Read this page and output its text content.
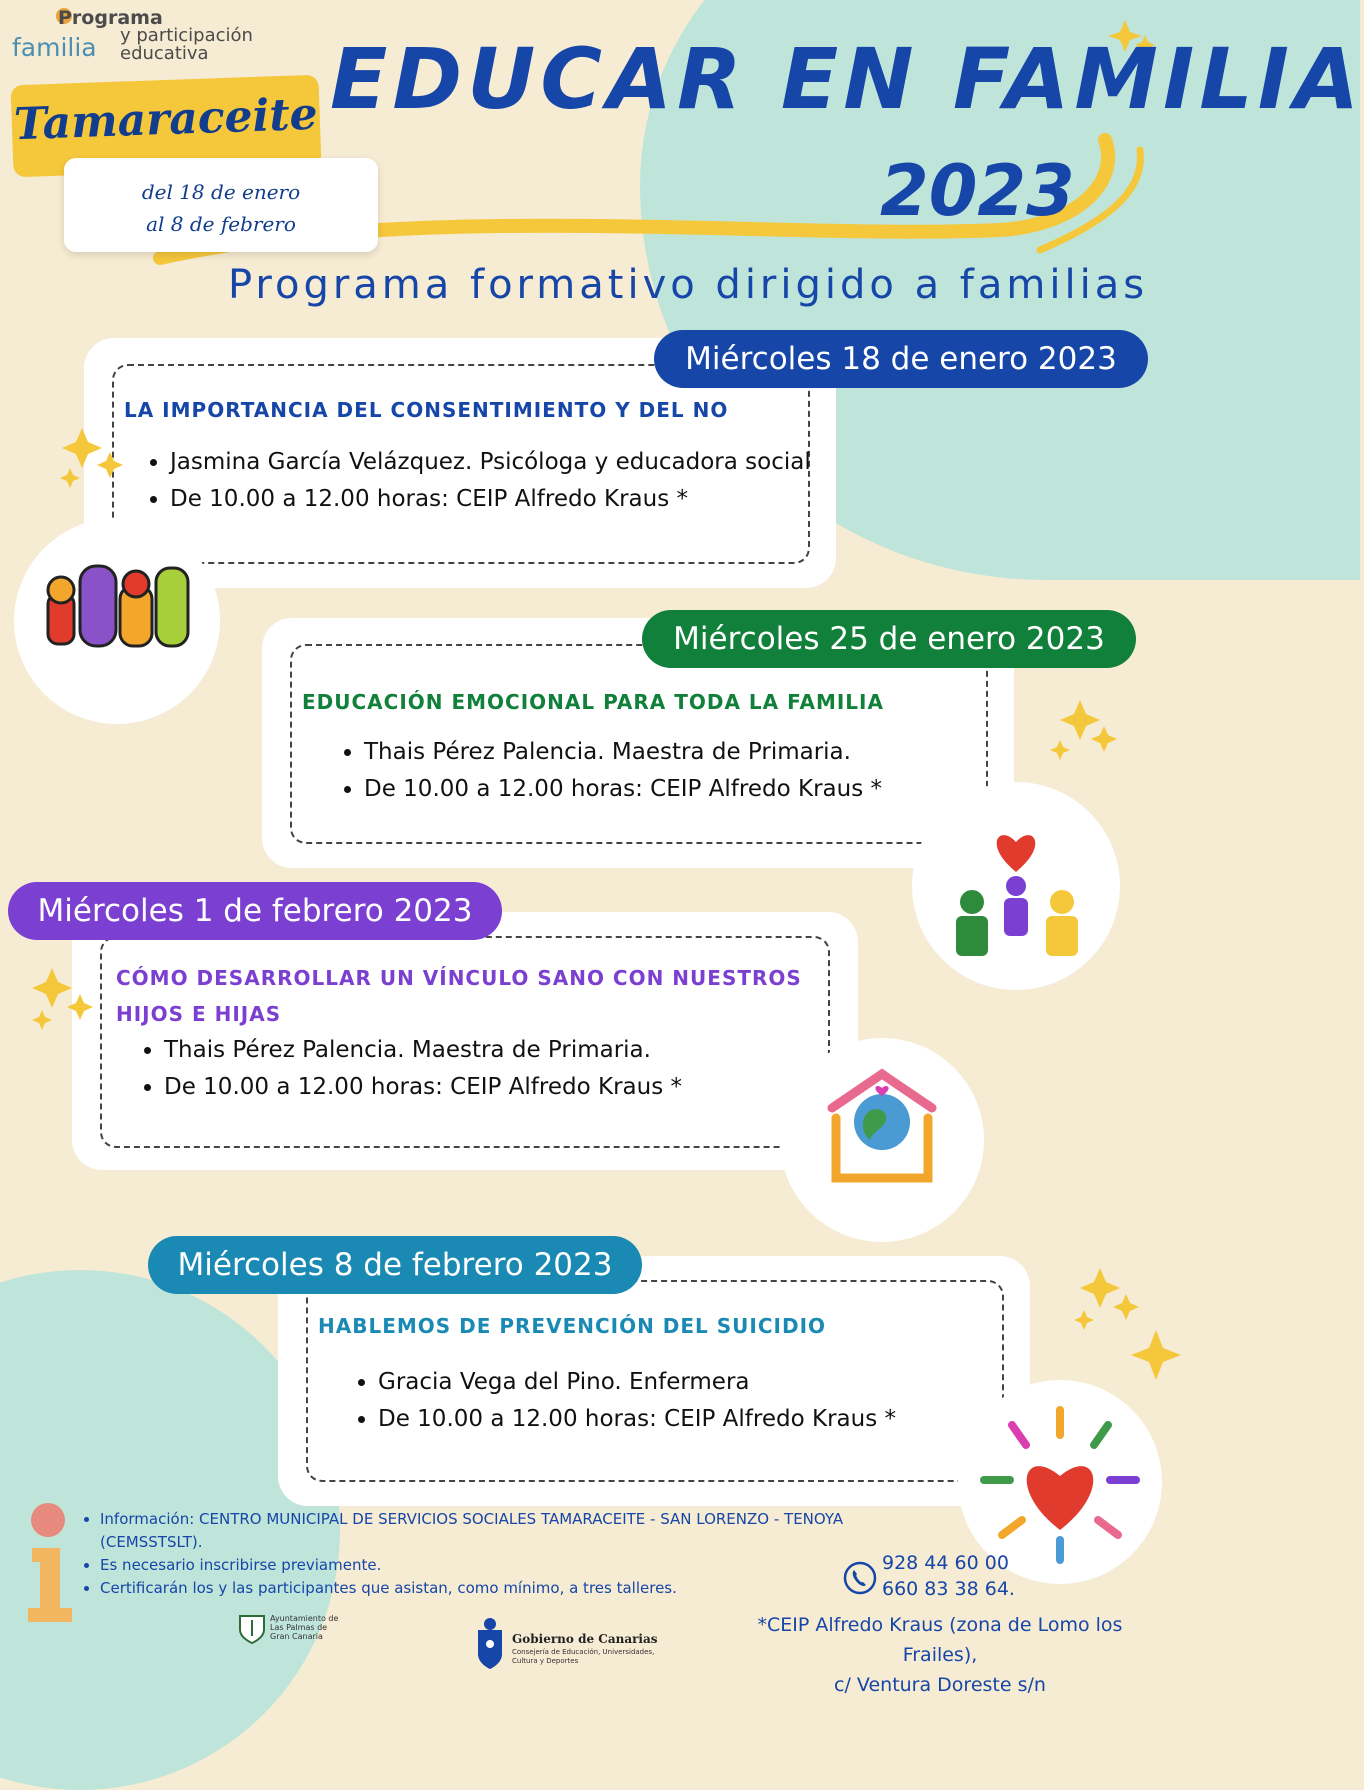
Programa
familia y participación
educativa
Tamaraceite
del 18 de enero
al 8 de febrero
EDUCAR EN FAMILIA
2023
Programa formativo dirigido a familias
Miércoles 18 de enero 2023
LA IMPORTANCIA DEL CONSENTIMIENTO Y DEL NO
• Jasmina García Velázquez. Psicóloga y educadora social
• De 10.00 a 12.00 horas: CEIP Alfredo Kraus *
Miércoles 25 de enero 2023
EDUCACIÓN EMOCIONAL PARA TODA LA FAMILIA
• Thais Pérez Palencia. Maestra de Primaria.
• De 10.00 a 12.00 horas: CEIP Alfredo Kraus *
Miércoles 1 de febrero 2023
CÓMO DESARROLLAR UN VÍNCULO SANO CON NUESTROS HIJOS E HIJAS
• Thais Pérez Palencia. Maestra de Primaria.
• De 10.00 a 12.00 horas: CEIP Alfredo Kraus *
Miércoles 8 de febrero 2023
HABLEMOS DE PREVENCIÓN DEL SUICIDIO
• Gracia Vega del Pino. Enfermera
• De 10.00 a 12.00 horas: CEIP Alfredo Kraus *
• Información: CENTRO MUNICIPAL DE SERVICIOS SOCIALES TAMARACEITE - SAN LORENZO - TENOYA (CEMSSTSLT).
• Es necesario inscribirse previamente.
• Certificarán los y las participantes que asistan, como mínimo, a tres talleres.
928 44 60 00
660 83 38 64.
*CEIP Alfredo Kraus (zona de Lomo los Frailes),
c/ Ventura Doreste s/n
Ayuntamiento de Las Palmas de Gran Canaria	Gobierno de Canarias
Consejería de Educación, Universidades, Cultura y Deportes
